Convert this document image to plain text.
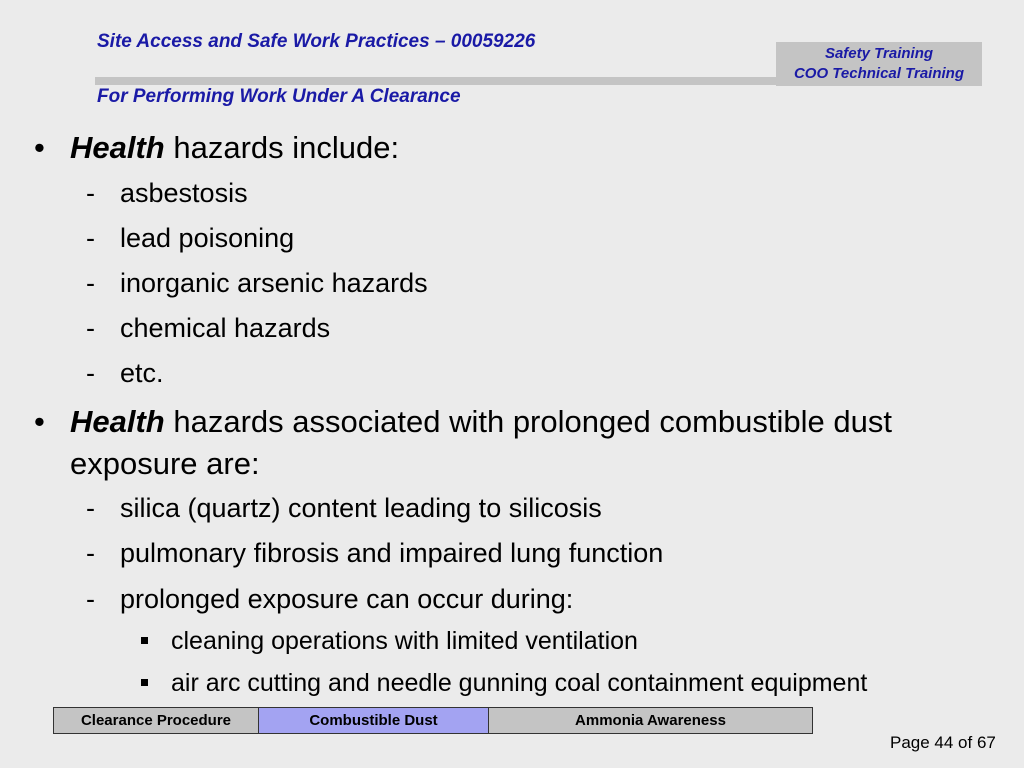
Site Access and Safe Work Practices – 00059226
For Performing Work Under A Clearance
Safety Training
COO Technical Training
• Health hazards include:
- asbestosis
- lead poisoning
- inorganic arsenic hazards
- chemical hazards
- etc.
• Health hazards associated with prolonged combustible dust exposure are:
- silica (quartz) content leading to silicosis
- pulmonary fibrosis and impaired lung function
- prolonged exposure can occur during:
cleaning operations with limited ventilation
air arc cutting and needle gunning coal containment equipment
Clearance Procedure	Combustible Dust	Ammonia Awareness
Page 44 of 67
